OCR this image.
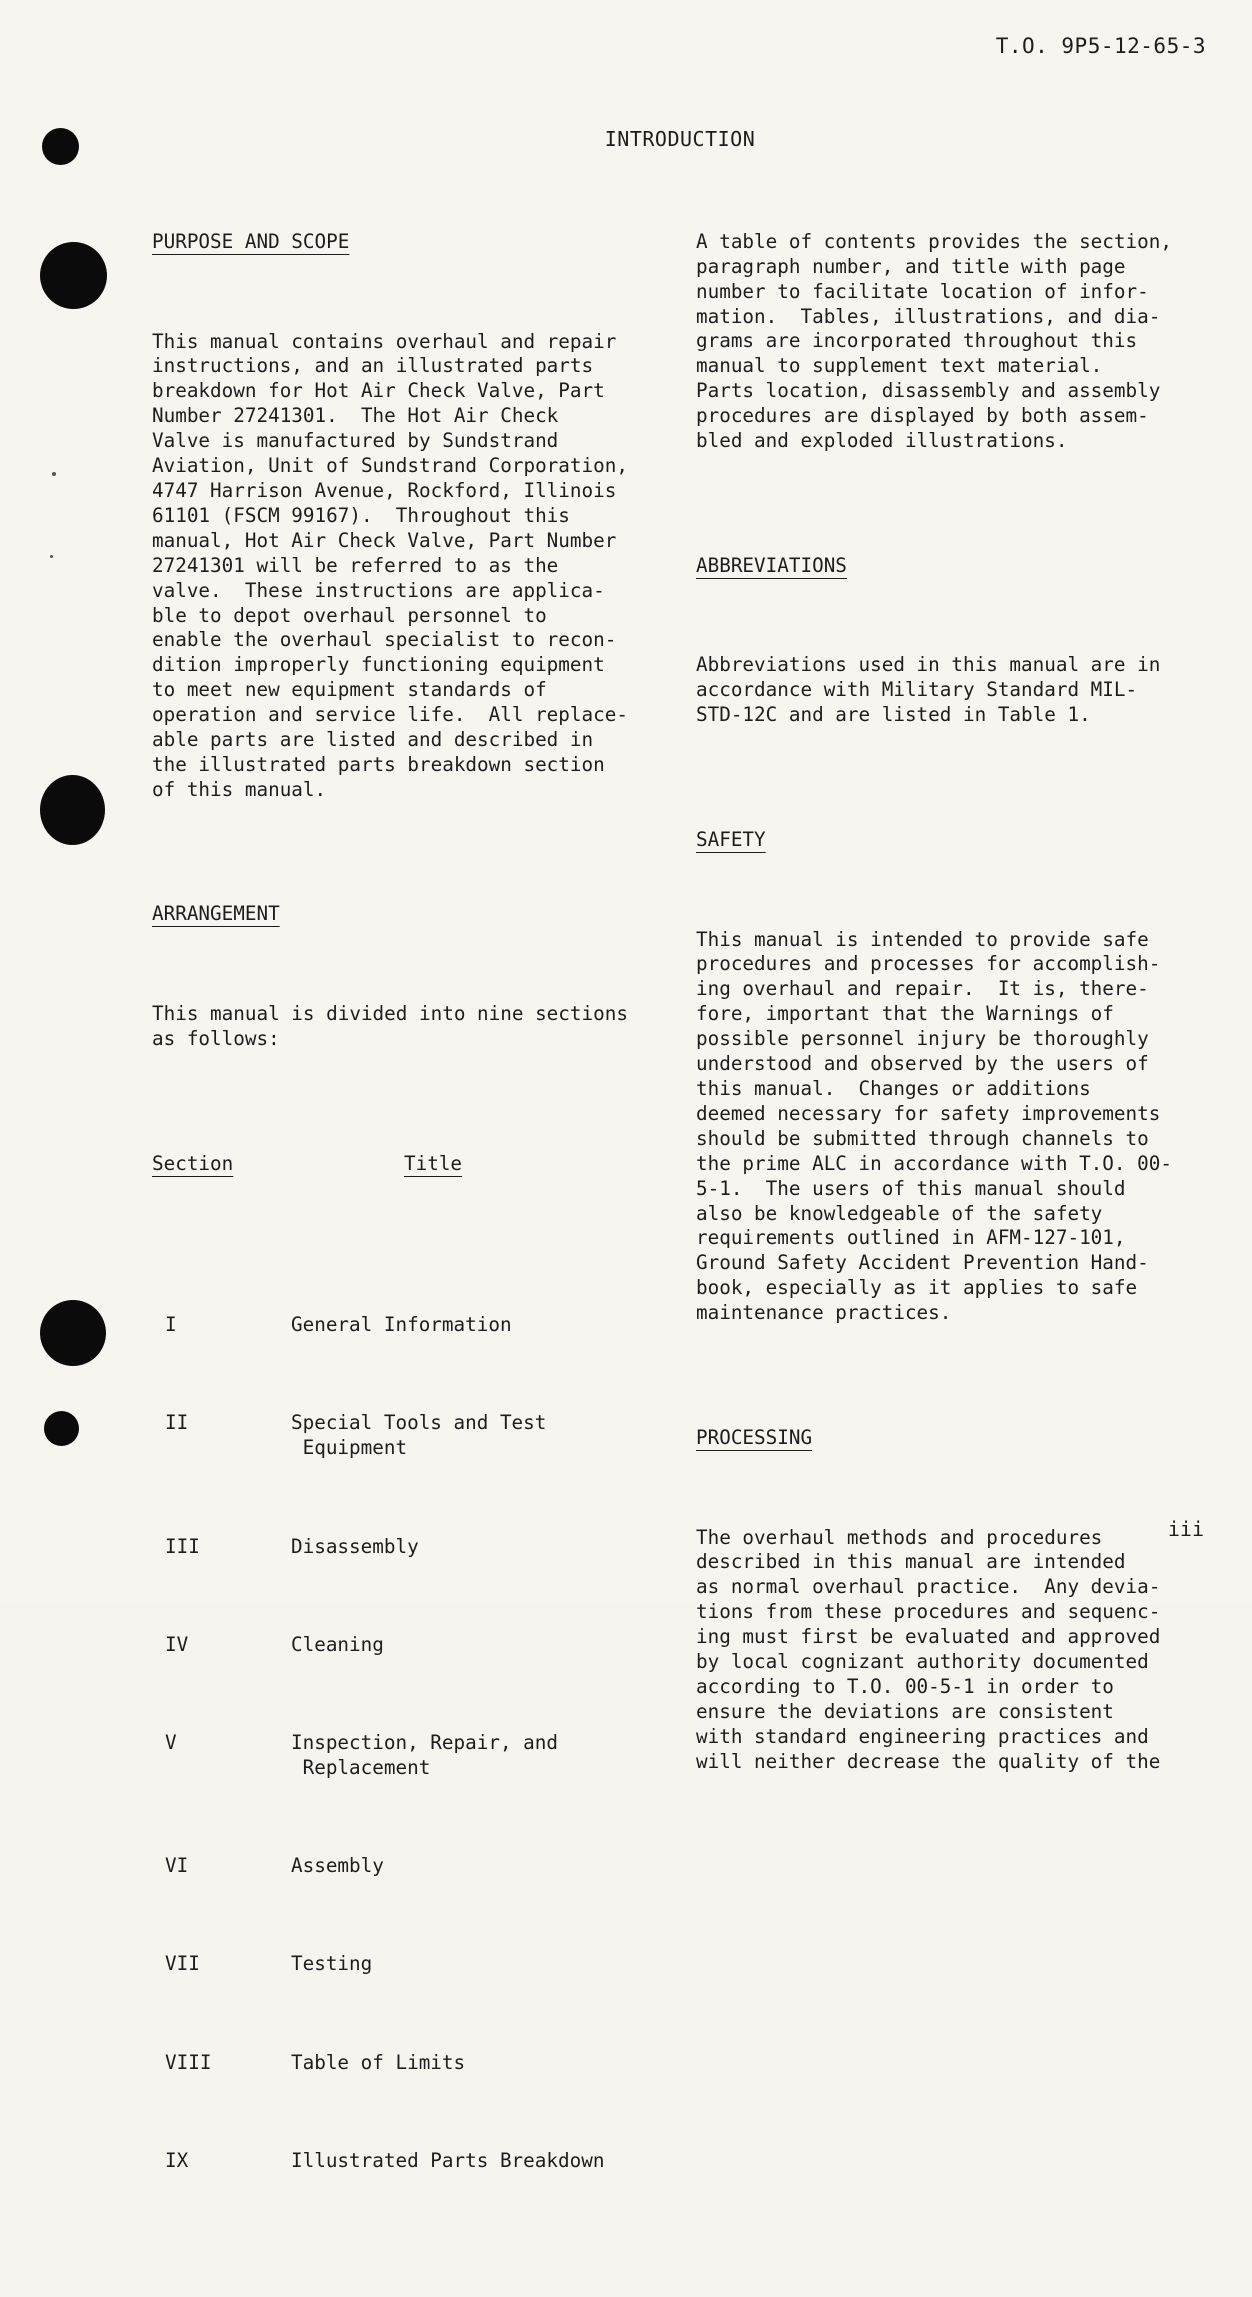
T.O. 9P5-12-65-3
INTRODUCTION

PURPOSE AND SCOPE

This manual contains overhaul and repair
instructions, and an illustrated parts
breakdown for Hot Air Check Valve, Part
Number 27241301.  The Hot Air Check
Valve is manufactured by Sundstrand
Aviation, Unit of Sundstrand Corporation,
4747 Harrison Avenue, Rockford, Illinois
61101 (FSCM 99167).  Throughout this
manual, Hot Air Check Valve, Part Number
27241301 will be referred to as the
valve.  These instructions are applica-
ble to depot overhaul personnel to
enable the overhaul specialist to recon-
dition improperly functioning equipment
to meet new equipment standards of
operation and service life.  All replace-
able parts are listed and described in
the illustrated parts breakdown section
of this manual.

ARRANGEMENT

This manual is divided into nine sections
as follows:

Section

	Title

I	General Information

II	Special Tools and Test
Equipment

III	Disassembly

IV	Cleaning

V	Inspection, Repair, and
Replacement

VI	Assembly

VII	Testing

VIII	Table of Limits

IX	Illustrated Parts Breakdown

A table of contents provides the section,
paragraph number, and title with page
number to facilitate location of infor-
mation.  Tables, illustrations, and dia-
grams are incorporated throughout this
manual to supplement text material.
Parts location, disassembly and assembly
procedures are displayed by both assem-
bled and exploded illustrations.

ABBREVIATIONS

Abbreviations used in this manual are in
accordance with Military Standard MIL-
STD-12C and are listed in Table 1.

SAFETY

This manual is intended to provide safe
procedures and processes for accomplish-
ing overhaul and repair.  It is, there-
fore, important that the Warnings of
possible personnel injury be thoroughly
understood and observed by the users of
this manual.  Changes or additions
deemed necessary for safety improvements
should be submitted through channels to
the prime ALC in accordance with T.O. 00-
5-1.  The users of this manual should
also be knowledgeable of the safety
requirements outlined in AFM-127-101,
Ground Safety Accident Prevention Hand-
book, especially as it applies to safe
maintenance practices.

PROCESSING

The overhaul methods and procedures
described in this manual are intended
as normal overhaul practice.  Any devia-
tions from these procedures and sequenc-
ing must first be evaluated and approved
by local cognizant authority documented
according to T.O. 00-5-1 in order to
ensure the deviations are consistent
with standard engineering practices and
will neither decrease the quality of the

iii
